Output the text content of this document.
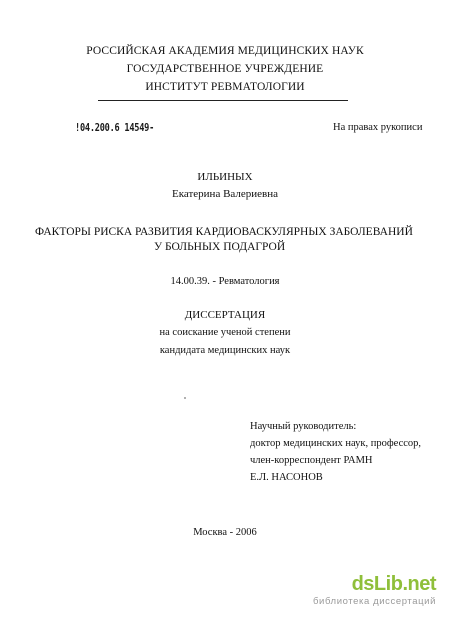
РОССИЙСКАЯ АКАДЕМИЯ МЕДИЦИНСКИХ НАУК
ГОСУДАРСТВЕННОЕ УЧРЕЖДЕНИЕ
ИНСТИТУТ РЕВМАТОЛОГИИ
!04.200.6 14549-	На правах рукописи
ИЛЬИНЫХ
Екатерина Валериевна
ФАКТОРЫ РИСКА РАЗВИТИЯ КАРДИОВАСКУЛЯРНЫХ ЗАБОЛЕВАНИЙ
У БОЛЬНЫХ ПОДАГРОЙ
14.00.39. - Ревматология
ДИССЕРТАЦИЯ
на соискание ученой степени
кандидата медицинских наук
Научный руководитель:
доктор медицинских наук, профессор,
член-корреспондент РАМН
Е.Л. НАСОНОВ
Москва - 2006
dsLib.net
библиотека диссертаций
